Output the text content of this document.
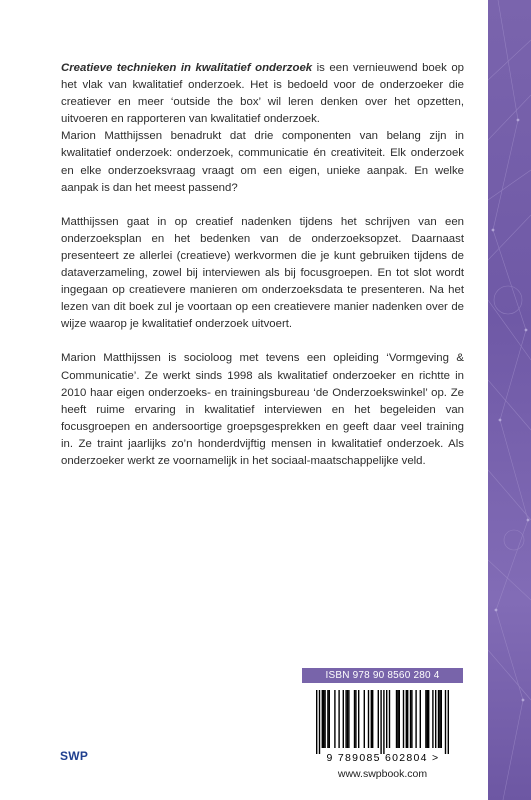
Creatieve technieken in kwalitatief onderzoek is een vernieuwend boek op het vlak van kwalitatief onderzoek. Het is bedoeld voor de onderzoeker die creatiever en meer ‘outside the box’ wil leren denken over het opzetten, uitvoeren en rapporteren van kwalitatief onderzoek.

Marion Matthijssen benadrukt dat drie componenten van belang zijn in kwalitatief onderzoek: onderzoek, communicatie én creativiteit. Elk onderzoek en elke onderzoeksvraag vraagt om een eigen, unieke aanpak. En welke aanpak is dan het meest passend?

Matthijssen gaat in op creatief nadenken tijdens het schrijven van een onderzoeksplan en het bedenken van de onderzoeksopzet. Daarnaast presenteert ze allerlei (creatieve) werkvormen die je kunt gebruiken tijdens de dataverzameling, zowel bij interviewen als bij focusgroepen. En tot slot wordt ingegaan op creatievere manieren om onderzoeksdata te presenteren. Na het lezen van dit boek zul je voortaan op een creatievere manier nadenken over de wijze waarop je kwalitatief onderzoek uitvoert.

Marion Matthijssen is socioloog met tevens een opleiding ‘Vormgeving & Communicatie’. Ze werkt sinds 1998 als kwalitatief onderzoeker en richtte in 2010 haar eigen onderzoeks- en trainingsbureau ‘de Onderzoekswinkel’ op. Ze heeft ruime ervaring in kwalitatief interviewen en het begeleiden van focusgroepen en andersoortige groepsgesprekken en geeft daar veel training in. Ze traint jaarlijks zo’n honderdvijftig mensen in kwalitatief onderzoek. Als onderzoeker werkt ze voornamelijk in het sociaal-maatschappelijke veld.

ISBN 978 90 8560 280 4
9 789085 602804 >
www.swpbook.com
SWP
